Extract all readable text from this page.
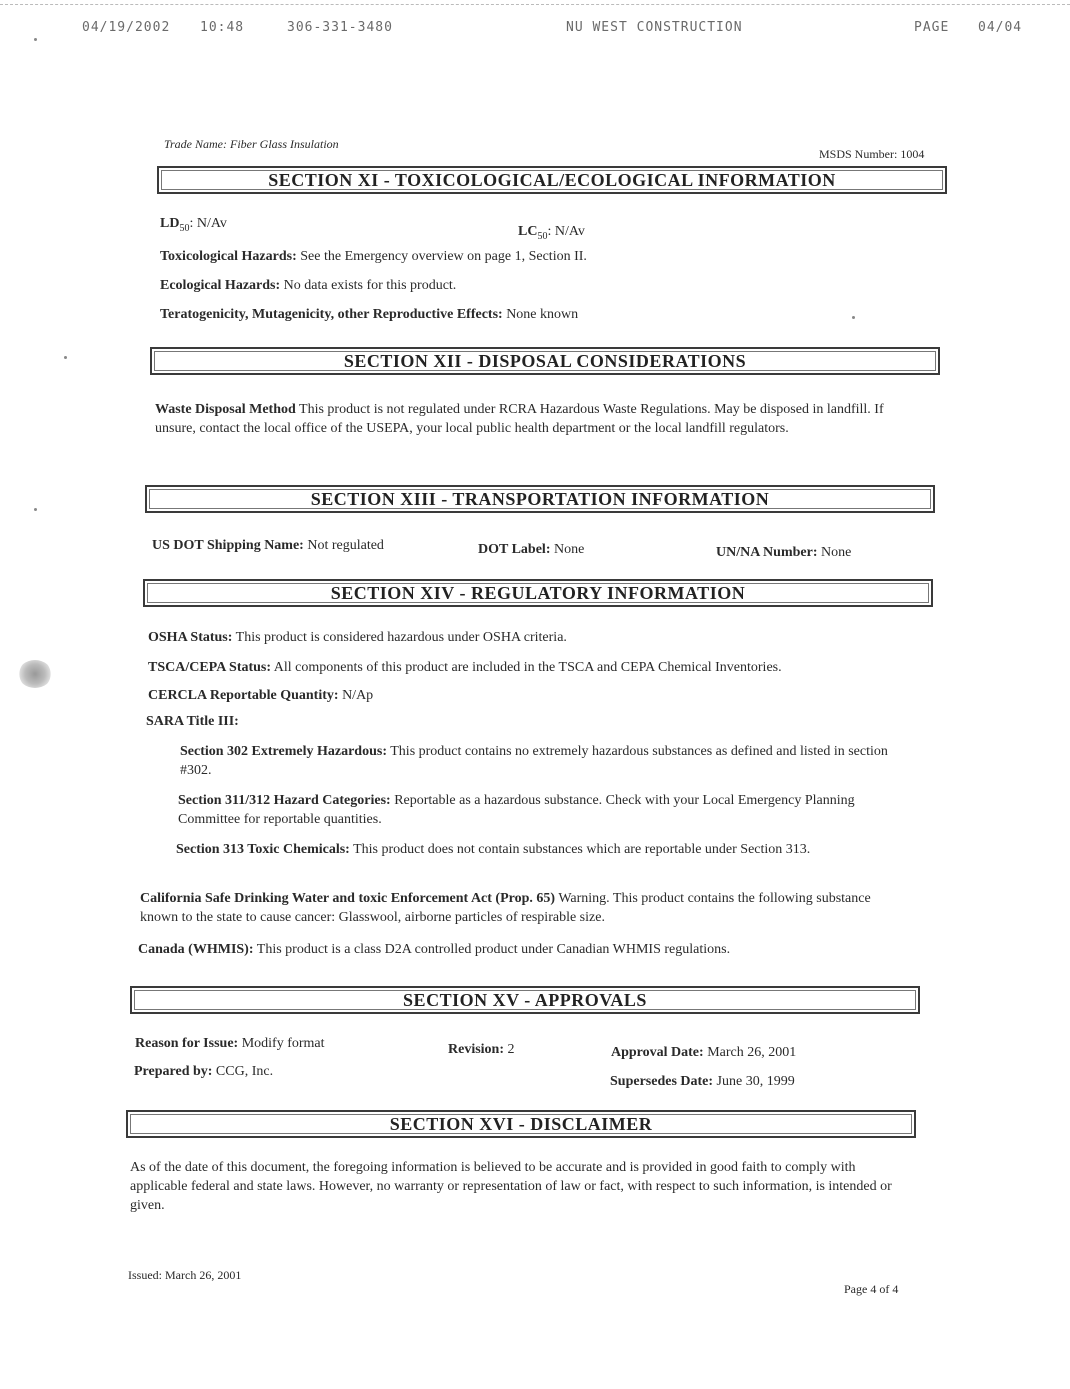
04/19/2002 10:48	306-331-3480	NU WEST CONSTRUCTION	PAGE 04/04
Trade Name: Fiber Glass Insulation
MSDS Number: 1004
SECTION XI - TOXICOLOGICAL/ECOLOGICAL INFORMATION
$LD_{50}$: N/Av
$LC_{50}$: N/Av
Toxicological Hazards: See the Emergency overview on page 1, Section II.
Ecological Hazards: No data exists for this product.
Teratogenicity, Mutagenicity, other Reproductive Effects: None known
SECTION XII - DISPOSAL CONSIDERATIONS
Waste Disposal Method This product is not regulated under RCRA Hazardous Waste Regulations. May be disposed in landfill. If unsure, contact the local office of the USEPA, your local public health department or the local landfill regulators.
SECTION XIII - TRANSPORTATION INFORMATION
US DOT Shipping Name: Not regulated	DOT Label: None	UN/NA Number: None
SECTION XIV - REGULATORY INFORMATION
OSHA Status: This product is considered hazardous under OSHA criteria.
TSCA/CEPA Status: All components of this product are included in the TSCA and CEPA Chemical Inventories.
CERCLA Reportable Quantity: N/Ap
SARA Title III:
Section 302 Extremely Hazardous: This product contains no extremely hazardous substances as defined and listed in section #302.
Section 311/312 Hazard Categories: Reportable as a hazardous substance. Check with your Local Emergency Planning Committee for reportable quantities.
Section 313 Toxic Chemicals: This product does not contain substances which are reportable under Section 313.
California Safe Drinking Water and toxic Enforcement Act (Prop. 65) Warning. This product contains the following substance known to the state to cause cancer: Glasswool, airborne particles of respirable size.
Canada (WHMIS): This product is a class D2A controlled product under Canadian WHMIS regulations.
SECTION XV - APPROVALS
Reason for Issue: Modify format	Revision: 2	Approval Date: March 26, 2001
Prepared by: CCG, Inc.
Supersedes Date: June 30, 1999
SECTION XVI - DISCLAIMER
As of the date of this document, the foregoing information is believed to be accurate and is provided in good faith to comply with applicable federal and state laws. However, no warranty or representation of law or fact, with respect to such information, is intended or given.
Issued: March 26, 2001
Page 4 of 4
